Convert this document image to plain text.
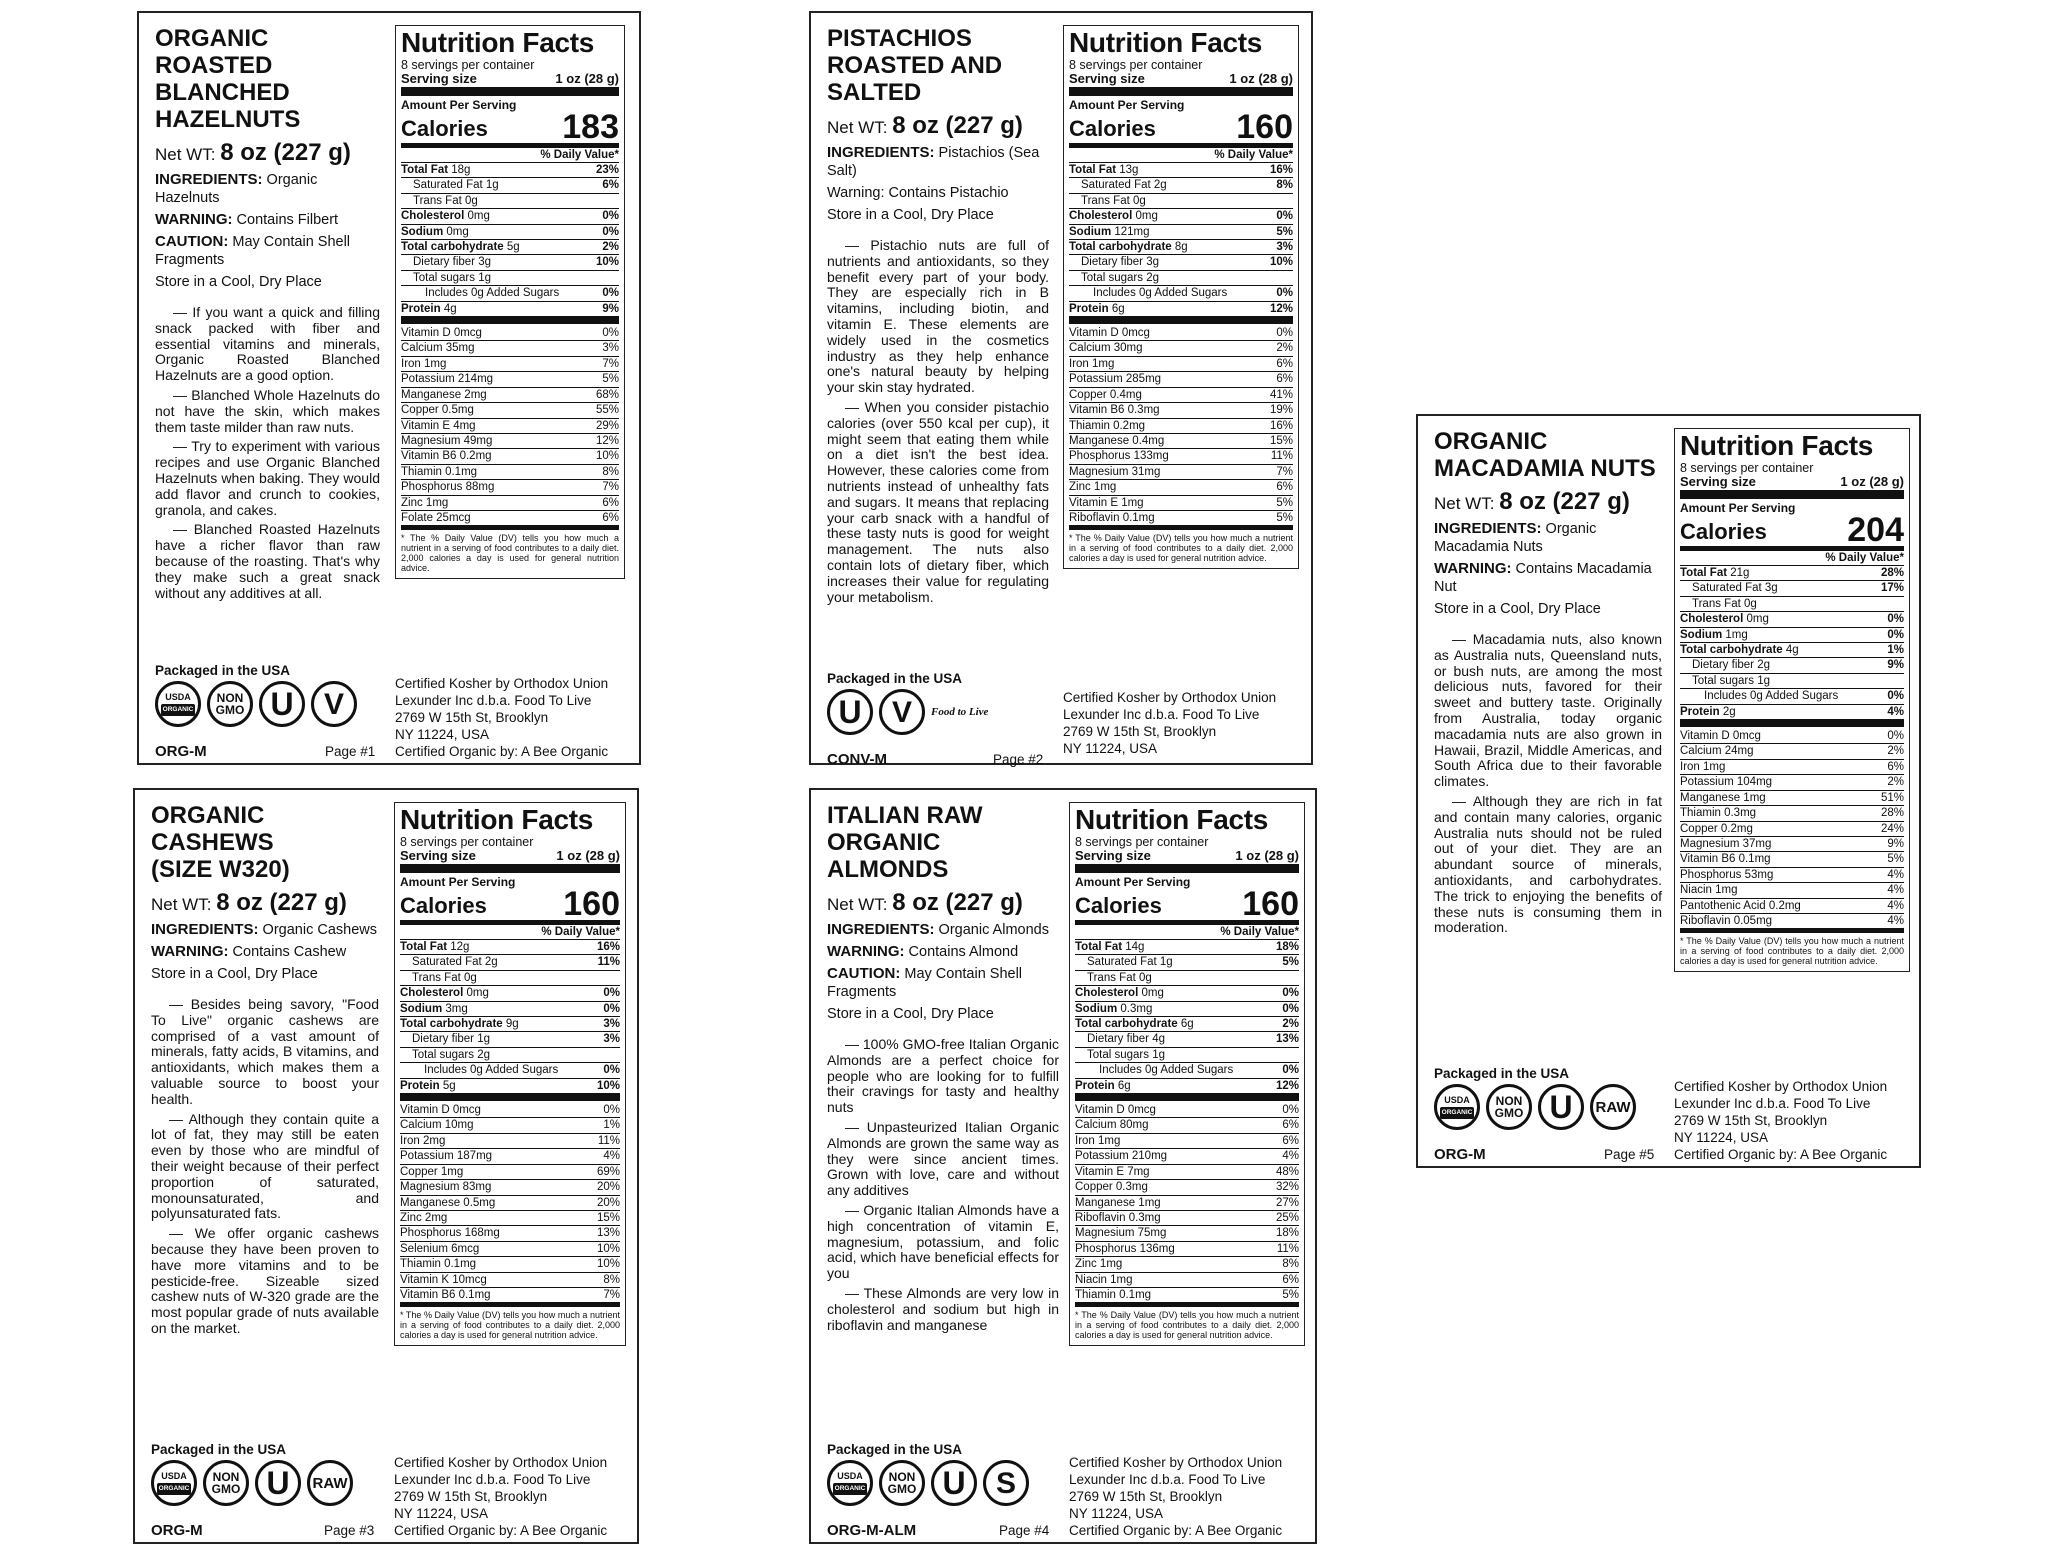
ORGANIC ROASTED
BLANCHED
HAZELNUTS
Net WT: 8 oz (227 g)
INGREDIENTS: Organic Hazelnuts
WARNING: Contains Filbert
CAUTION: May Contain Shell Fragments
Store in a Cool, Dry Place

— If you want a quick and filling snack packed with fiber and essential vitamins and minerals, Organic Roasted Blanched Hazelnuts are a good option.

— Blanched Whole Hazelnuts do not have the skin, which makes them taste milder than raw nuts.

— Try to experiment with various recipes and use Organic Blanched Hazelnuts when baking. They would add flavor and crunch to cookies, granola, and cakes.

— Blanched Roasted Hazelnuts have a richer flavor than raw because of the roasting. That's why they make such a great snack without any additives at all.

Nutrition Facts
8 servings per container
Serving size	1 oz (28 g)
Amount Per Serving
Calories 183
% Daily Value*
Total Fat 18g	23%
Saturated Fat 1g	6%
Trans Fat 0g
Cholesterol 0mg	0%
Sodium 0mg	0%
Total carbohydrate 5g	2%
Dietary fiber 3g	10%
Total sugars 1g
Includes 0g Added Sugars	0%
Protein 4g	9%
Vitamin D 0mcg	0%
Calcium 35mg	3%
Iron 1mg	7%
Potassium 214mg	5%
Manganese 2mg	68%
Copper 0.5mg	55%
Vitamin E 4mg	29%
Magnesium 49mg	12%
Vitamin B6 0.2mg	10%
Thiamin 0.1mg	8%
Phosphorus 88mg	7%
Zinc 1mg	6%
Folate 25mcg	6%
* The % Daily Value (DV) tells you how much a nutrient in a serving of food contributes to a daily diet. 2,000 calories a day is used for general nutrition advice.
Packaged in the USA
USDA
ORGANIC
NON GMO U V
ORG-M	Page #1
Certified Kosher by Orthodox Union
Lexunder Inc d.b.a. Food To Live
2769 W 15th St, Brooklyn
NY 11224, USA
Certified Organic by: A Bee Organic
PISTACHIOS
ROASTED AND
SALTED
Net WT: 8 oz (227 g)
INGREDIENTS: Pistachios (Sea Salt)
Warning: Contains Pistachio
Store in a Cool, Dry Place

— Pistachio nuts are full of nutrients and antioxidants, so they benefit every part of your body. They are especially rich in B vitamins, including biotin, and vitamin E. These elements are widely used in the cosmetics industry as they help enhance one's natural beauty by helping your skin stay hydrated.

— When you consider pistachio calories (over 550 kcal per cup), it might seem that eating them while on a diet isn't the best idea. However, these calories come from nutrients instead of unhealthy fats and sugars. It means that replacing your carb snack with a handful of these tasty nuts is good for weight management. The nuts also contain lots of dietary fiber, which increases their value for regulating your metabolism.

Nutrition Facts
8 servings per container
Serving size	1 oz (28 g)
Amount Per Serving
Calories 160
% Daily Value*
Total Fat 13g	16%
Saturated Fat 2g	8%
Trans Fat 0g
Cholesterol 0mg	0%
Sodium 121mg	5%
Total carbohydrate 8g	3%
Dietary fiber 3g	10%
Total sugars 2g
Includes 0g Added Sugars	0%
Protein 6g	12%
Vitamin D 0mcg	0%
Calcium 30mg	2%
Iron 1mg	6%
Potassium 285mg	6%
Copper 0.4mg	41%
Vitamin B6 0.3mg	19%
Thiamin 0.2mg	16%
Manganese 0.4mg	15%
Phosphorus 133mg	11%
Magnesium 31mg	7%
Zinc 1mg	6%
Vitamin E 1mg	5%
Riboflavin 0.1mg	5%
* The % Daily Value (DV) tells you how much a nutrient in a serving of food contributes to a daily diet. 2,000 calories a day is used for general nutrition advice.
Packaged in the USA
U V Food to Live
CONV-M	Page #2
Certified Kosher by Orthodox Union
Lexunder Inc d.b.a. Food To Live
2769 W 15th St, Brooklyn
NY 11224, USA
ORGANIC
MACADAMIA NUTS
Net WT: 8 oz (227 g)
INGREDIENTS: Organic Macadamia Nuts
WARNING: Contains Macadamia Nut
Store in a Cool, Dry Place

— Macadamia nuts, also known as Australia nuts, Queensland nuts, or bush nuts, are among the most delicious nuts, favored for their sweet and buttery taste. Originally from Australia, today organic macadamia nuts are also grown in Hawaii, Brazil, Middle Americas, and South Africa due to their favorable climates.

— Although they are rich in fat and contain many calories, organic Australia nuts should not be ruled out of your diet. They are an abundant source of minerals, antioxidants, and carbohydrates. The trick to enjoying the benefits of these nuts is consuming them in moderation.

Nutrition Facts
8 servings per container
Serving size	1 oz (28 g)
Amount Per Serving
Calories 204
% Daily Value*
Total Fat 21g	28%
Saturated Fat 3g	17%
Trans Fat 0g
Cholesterol 0mg	0%
Sodium 1mg	0%
Total carbohydrate 4g	1%
Dietary fiber 2g	9%
Total sugars 1g
Includes 0g Added Sugars	0%
Protein 2g	4%
Vitamin D 0mcg	0%
Calcium 24mg	2%
Iron 1mg	6%
Potassium 104mg	2%
Manganese 1mg	51%
Thiamin 0.3mg	28%
Copper 0.2mg	24%
Magnesium 37mg	9%
Vitamin B6 0.1mg	5%
Phosphorus 53mg	4%
Niacin 1mg	4%
Pantothenic Acid 0.2mg	4%
Riboflavin 0.05mg	4%
* The % Daily Value (DV) tells you how much a nutrient in a serving of food contributes to a daily diet. 2,000 calories a day is used for general nutrition advice.
Packaged in the USA
USDA
ORGANIC
NON GMO U RAW
ORG-M	Page #5
Certified Kosher by Orthodox Union
Lexunder Inc d.b.a. Food To Live
2769 W 15th St, Brooklyn
NY 11224, USA
Certified Organic by: A Bee Organic
ORGANIC CASHEWS
(SIZE W320)
Net WT: 8 oz (227 g)
INGREDIENTS: Organic Cashews
WARNING: Contains Cashew
Store in a Cool, Dry Place

— Besides being savory, "Food To Live" organic cashews are comprised of a vast amount of minerals, fatty acids, B vitamins, and antioxidants, which makes them a valuable source to boost your health.

— Although they contain quite a lot of fat, they may still be eaten even by those who are mindful of their weight because of their perfect proportion of saturated, monounsaturated, and polyunsaturated fats.

— We offer organic cashews because they have been proven to have more vitamins and to be pesticide-free. Sizeable sized cashew nuts of W-320 grade are the most popular grade of nuts available on the market.

Nutrition Facts
8 servings per container
Serving size	1 oz (28 g)
Amount Per Serving
Calories 160
% Daily Value*
Total Fat 12g	16%
Saturated Fat 2g	11%
Trans Fat 0g
Cholesterol 0mg	0%
Sodium 3mg	0%
Total carbohydrate 9g	3%
Dietary fiber 1g	3%
Total sugars 2g
Includes 0g Added Sugars	0%
Protein 5g	10%
Vitamin D 0mcg	0%
Calcium 10mg	1%
Iron 2mg	11%
Potassium 187mg	4%
Copper 1mg	69%
Magnesium 83mg	20%
Manganese 0.5mg	20%
Zinc 2mg	15%
Phosphorus 168mg	13%
Selenium 6mcg	10%
Thiamin 0.1mg	10%
Vitamin K 10mcg	8%
Vitamin B6 0.1mg	7%
* The % Daily Value (DV) tells you how much a nutrient in a serving of food contributes to a daily diet. 2,000 calories a day is used for general nutrition advice.
Packaged in the USA
USDA
ORGANIC
NON GMO U RAW
ORG-M	Page #3
Certified Kosher by Orthodox Union
Lexunder Inc d.b.a. Food To Live
2769 W 15th St, Brooklyn
NY 11224, USA
Certified Organic by: A Bee Organic
ITALIAN RAW
ORGANIC ALMONDS
Net WT: 8 oz (227 g)
INGREDIENTS: Organic Almonds
WARNING: Contains Almond
CAUTION: May Contain Shell Fragments
Store in a Cool, Dry Place

— 100% GMO-free Italian Organic Almonds are a perfect choice for people who are looking for to fulfill their cravings for tasty and healthy nuts

— Unpasteurized Italian Organic Almonds are grown the same way as they were since ancient times. Grown with love, care and without any additives

— Organic Italian Almonds have a high concentration of vitamin E, magnesium, potassium, and folic acid, which have beneficial effects for you

— These Almonds are very low in cholesterol and sodium but high in riboflavin and manganese

Nutrition Facts
8 servings per container
Serving size	1 oz (28 g)
Amount Per Serving
Calories 160
% Daily Value*
Total Fat 14g	18%
Saturated Fat 1g	5%
Trans Fat 0g
Cholesterol 0mg	0%
Sodium 0.3mg	0%
Total carbohydrate 6g	2%
Dietary fiber 4g	13%
Total sugars 1g
Includes 0g Added Sugars	0%
Protein 6g	12%
Vitamin D 0mcg	0%
Calcium 80mg	6%
Iron 1mg	6%
Potassium 210mg	4%
Vitamin E 7mg	48%
Copper 0.3mg	32%
Manganese 1mg	27%
Riboflavin 0.3mg	25%
Magnesium 75mg	18%
Phosphorus 136mg	11%
Zinc 1mg	8%
Niacin 1mg	6%
Thiamin 0.1mg	5%
* The % Daily Value (DV) tells you how much a nutrient in a serving of food contributes to a daily diet. 2,000 calories a day is used for general nutrition advice.
Packaged in the USA
USDA
ORGANIC
NON GMO U S
ORG-M-ALM	Page #4
Certified Kosher by Orthodox Union
Lexunder Inc d.b.a. Food To Live
2769 W 15th St, Brooklyn
NY 11224, USA
Certified Organic by: A Bee Organic
